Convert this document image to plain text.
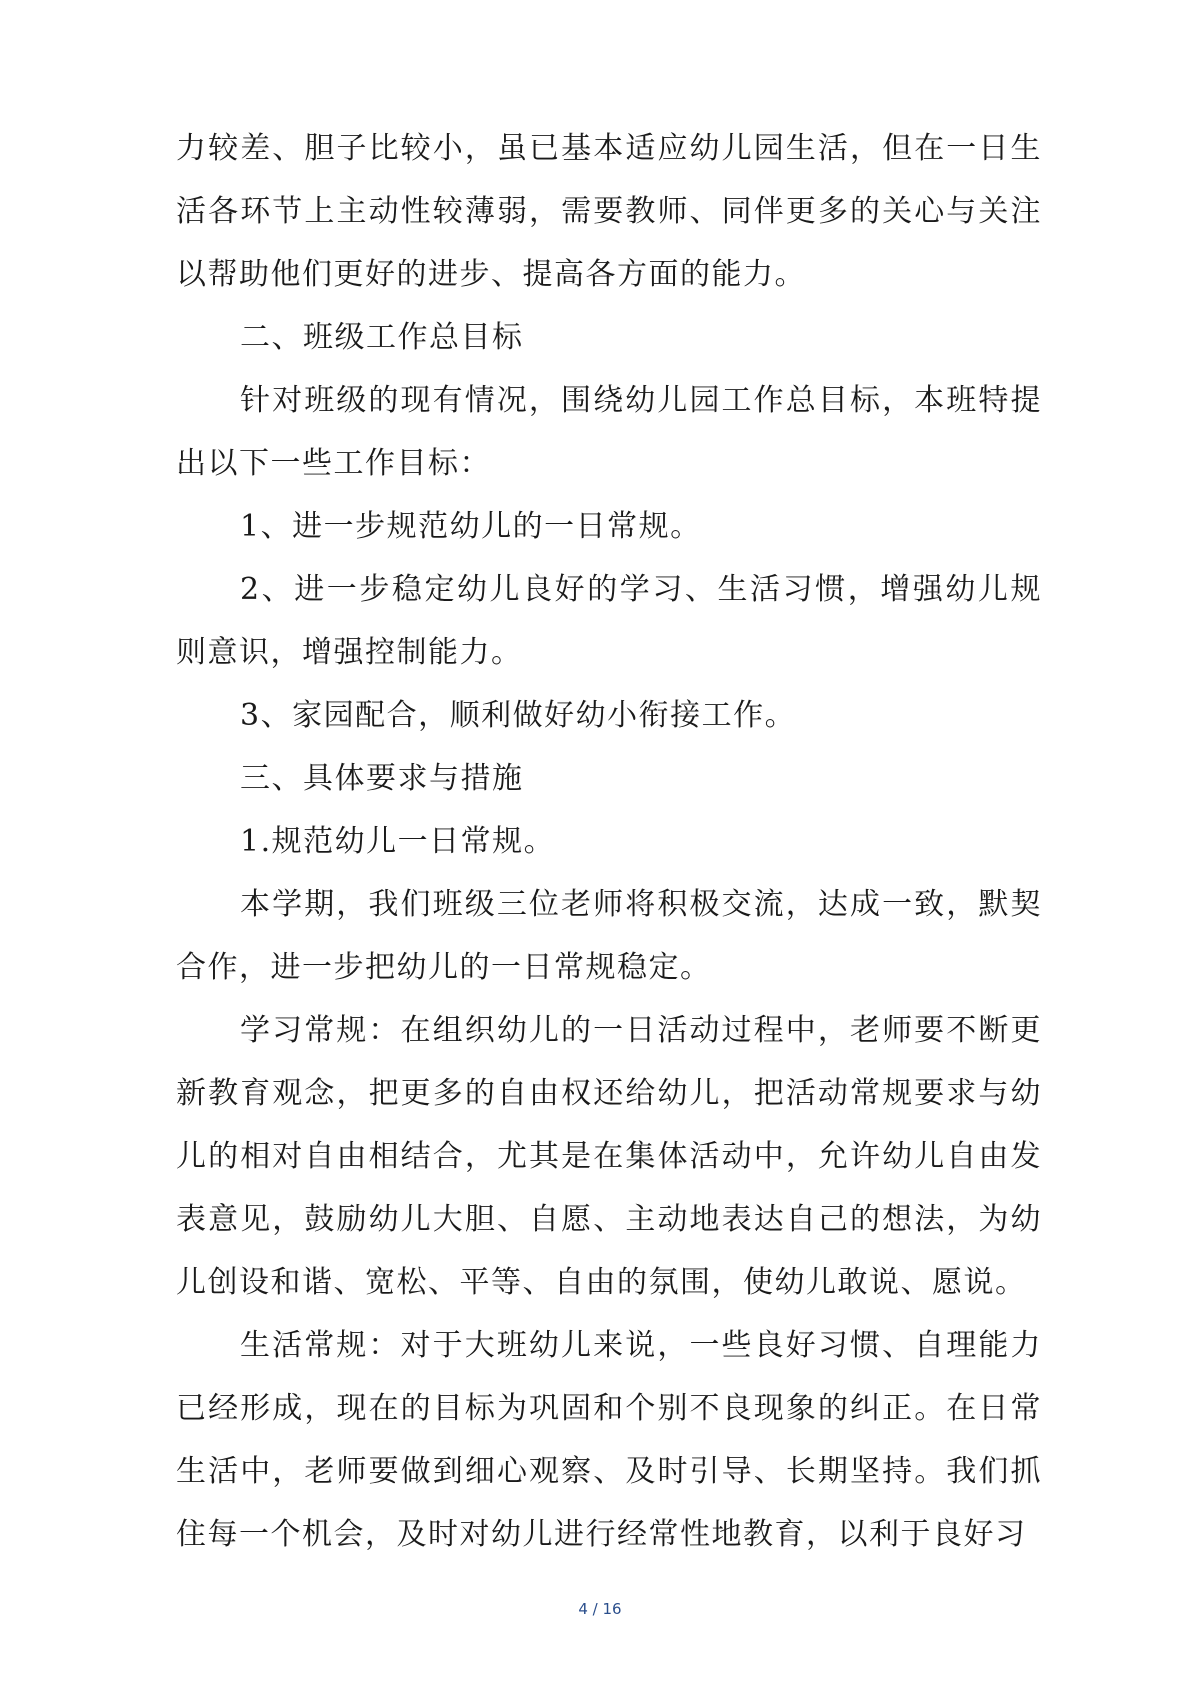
力较差、胆子比较小，虽已基本适应幼儿园生活，但在一日生活各环节上主动性较薄弱，需要教师、同伴更多的关心与关注以帮助他们更好的进步、提高各方面的能力。

二、班级工作总目标

针对班级的现有情况，围绕幼儿园工作总目标，本班特提出以下一些工作目标：

1、进一步规范幼儿的一日常规。

2、进一步稳定幼儿良好的学习、生活习惯，增强幼儿规则意识，增强控制能力。

3、家园配合，顺利做好幼小衔接工作。

三、具体要求与措施

1.规范幼儿一日常规。

本学期，我们班级三位老师将积极交流，达成一致，默契合作，进一步把幼儿的一日常规稳定。

学习常规：在组织幼儿的一日活动过程中，老师要不断更新教育观念，把更多的自由权还给幼儿，把活动常规要求与幼儿的相对自由相结合，尤其是在集体活动中，允许幼儿自由发表意见，鼓励幼儿大胆、自愿、主动地表达自己的想法，为幼儿创设和谐、宽松、平等、自由的氛围，使幼儿敢说、愿说。

生活常规：对于大班幼儿来说，一些良好习惯、自理能力已经形成，现在的目标为巩固和个别不良现象的纠正。在日常生活中，老师要做到细心观察、及时引导、长期坚持。我们抓住每一个机会，及时对幼儿进行经常性地教育，以利于良好习

4 / 16
